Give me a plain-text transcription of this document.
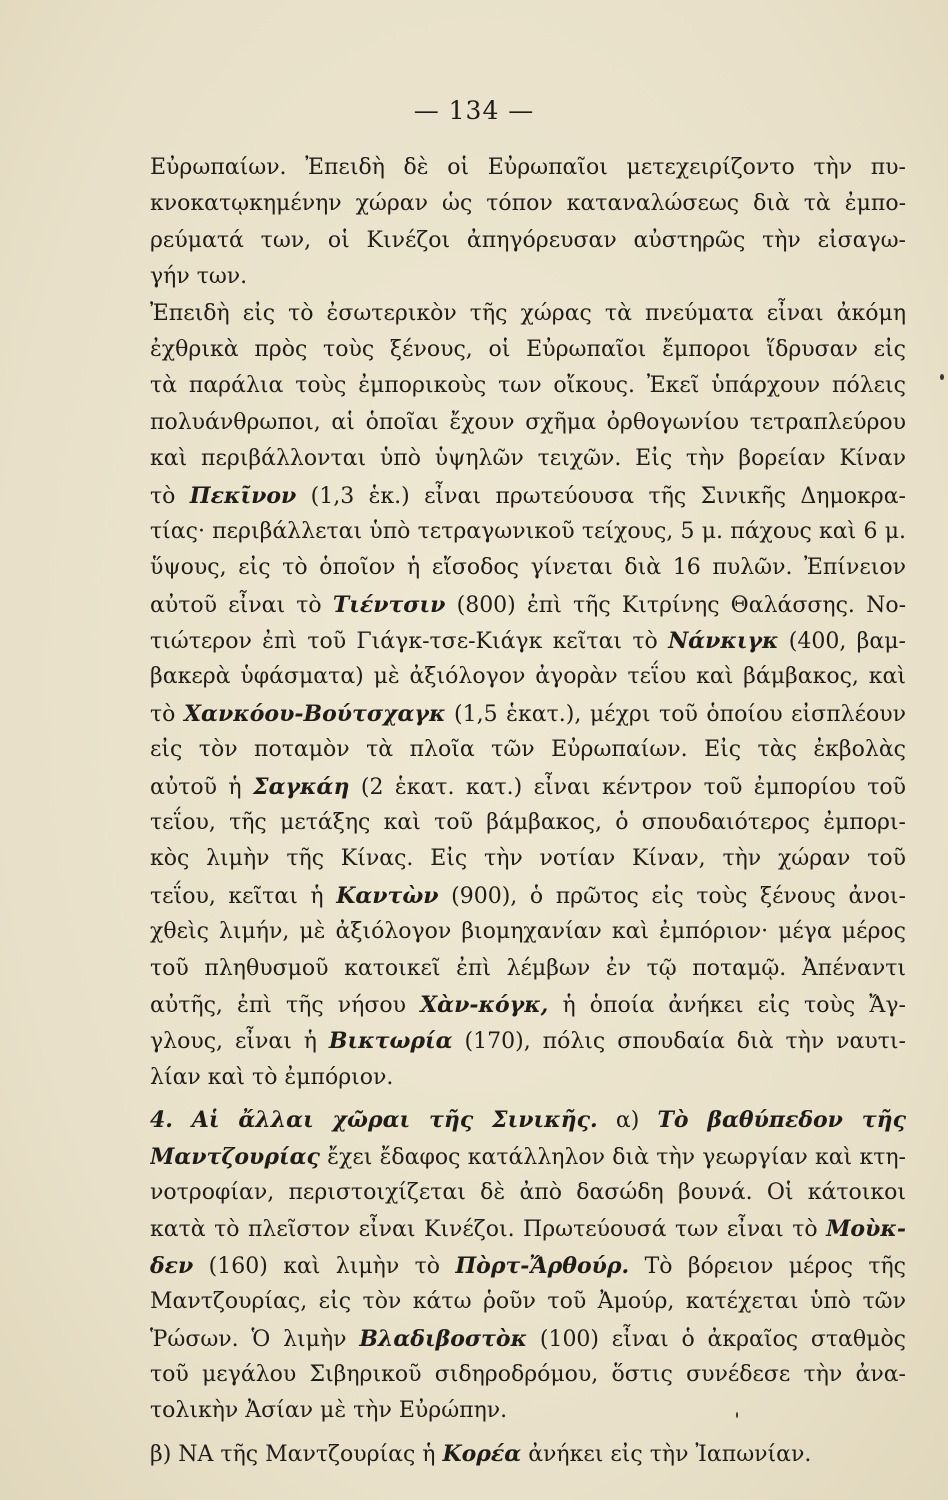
— 134 —
Εὐρωπαίων. Ἐπειδὴ δὲ οἱ Εὐρωπαῖοι μετεχειρίζοντο τὴν πυ-
κνοκατῳκημένην χώραν ὡς τόπον καταναλώσεως διὰ τὰ ἐμπο-
ρεύματά των, οἱ Κινέζοι ἀπηγόρευσαν αὐστηρῶς τὴν εἰσαγω-
γήν των.
Ἐπειδὴ εἰς τὸ ἐσωτερικὸν τῆς χώρας τὰ πνεύματα εἶναι ἀκόμη
ἐχθρικὰ πρὸς τοὺς ξένους, οἱ Εὐρωπαῖοι ἔμποροι ἵδρυσαν εἰς
τὰ παράλια τοὺς ἐμπορικοὺς των οἴκους. Ἐκεῖ ὑπάρχουν πόλεις
πολυάνθρωποι, αἱ ὁποῖαι ἔχουν σχῆμα ὀρθογωνίου τετραπλεύρου
καὶ περιβάλλονται ὑπὸ ὑψηλῶν τειχῶν. Εἰς τὴν βορείαν Κίναν
τὸ Πεκῖνον (1,3 ἑκ.) εἶναι πρωτεύουσα τῆς Σινικῆς Δημοκρα-
τίας· περιβάλλεται ὑπὸ τετραγωνικοῦ τείχους, 5 μ. πάχους καὶ 6 μ.
ὕψους, εἰς τὸ ὁποῖον ἡ εἴσοδος γίνεται διὰ 16 πυλῶν. Ἐπίνειον
αὐτοῦ εἶναι τὸ Τιέντσιν (800) ἐπὶ τῆς Κιτρίνης Θαλάσσης. Νο-
τιώτερον ἐπὶ τοῦ Γιάγκ-τσε-Κιάγκ κεῖται τὸ Νάνκιγκ (400, βαμ-
βακερὰ ὑφάσματα) μὲ ἀξιόλογον ἀγορὰν τεΐου καὶ βάμβακος, καὶ
τὸ Χανκόου-Βούτσχαγκ (1,5 ἑκατ.), μέχρι τοῦ ὁποίου εἰσπλέουν
εἰς τὸν ποταμὸν τὰ πλοῖα τῶν Εὐρωπαίων. Εἰς τὰς ἐκβολὰς
αὐτοῦ ἡ Σαγκάη (2 ἑκατ. κατ.) εἶναι κέντρον τοῦ ἐμπορίου τοῦ
τεΐου, τῆς μετάξης καὶ τοῦ βάμβακος, ὁ σπουδαιότερος ἐμπορι-
κὸς λιμὴν τῆς Κίνας. Εἰς τὴν νοτίαν Κίναν, τὴν χώραν τοῦ
τεΐου, κεῖται ἡ Καντὼν (900), ὁ πρῶτος εἰς τοὺς ξένους ἀνοι-
χθεὶς λιμήν, μὲ ἀξιόλογον βιομηχανίαν καὶ ἐμπόριον· μέγα μέρος
τοῦ πληθυσμοῦ κατοικεῖ ἐπὶ λέμβων ἐν τῷ ποταμῷ. Ἀπέναντι
αὐτῆς, ἐπὶ τῆς νήσου Χὰν-κόγκ, ἡ ὁποία ἀνήκει εἰς τοὺς Ἄγ-
γλους, εἶναι ἡ Βικτωρία (170), πόλις σπουδαία διὰ τὴν ναυτι-
λίαν καὶ τὸ ἐμπόριον.
4. Αἱ ἄλλαι χῶραι τῆς Σινικῆς. α) Τὸ βαθύπεδον τῆς
Μαντζουρίας ἔχει ἔδαφος κατάλληλον διὰ τὴν γεωργίαν καὶ κτη-
νοτροφίαν, περιστοιχίζεται δὲ ἀπὸ δασώδη βουνά. Οἱ κάτοικοι
κατὰ τὸ πλεῖστον εἶναι Κινέζοι. Πρωτεύουσά των εἶναι τὸ Μοὺκ-
δεν (160) καὶ λιμὴν τὸ Πὸρτ-Ἄρθούρ. Τὸ βόρειον μέρος τῆς
Μαντζουρίας, εἰς τὸν κάτω ῥοῦν τοῦ Ἀμούρ, κατέχεται ὑπὸ τῶν
Ῥώσων. Ὁ λιμὴν Βλαδιβοστὸκ (100) εἶναι ὁ ἀκραῖος σταθμὸς
τοῦ μεγάλου Σιβηρικοῦ σιδηροδρόμου, ὅστις συνέδεσε τὴν ἀνα-
τολικὴν Ἀσίαν μὲ τὴν Εὐρώπην.
β) ΝΑ τῆς Μαντζουρίας ἡ Κορέα ἀνήκει εἰς τὴν Ἰαπωνίαν.
